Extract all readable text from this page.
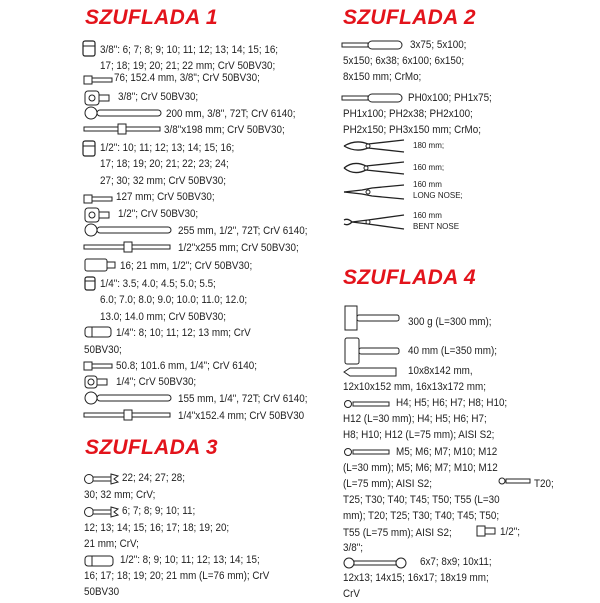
SZUFLADA 1
3/8": 6; 7; 8; 9; 10; 11; 12; 13; 14; 15; 16;
17; 18; 19; 20; 21; 22 mm; CrV 50BV30;
76; 152.4 mm, 3/8"; CrV 50BV30;
3/8"; CrV 50BV30;
200 mm, 3/8", 72T; CrV 6140;
3/8"x198 mm; CrV 50BV30;
1/2": 10; 11; 12; 13; 14; 15; 16;
17; 18; 19; 20; 21; 22; 23; 24;
27; 30; 32 mm; CrV 50BV30;
127 mm; CrV 50BV30;
1/2"; CrV 50BV30;
255 mm, 1/2", 72T; CrV 6140;
1/2"x255 mm; CrV 50BV30;
16; 21 mm, 1/2"; CrV 50BV30;
1/4": 3.5; 4.0; 4.5; 5.0; 5.5;
6.0; 7.0; 8.0; 9.0; 10.0; 11.0; 12.0;
13.0; 14.0 mm; CrV 50BV30;
1/4": 8; 10; 11; 12; 13 mm; CrV
50BV30;
50.8; 101.6 mm, 1/4"; CrV 6140;
1/4"; CrV 50BV30;
155 mm, 1/4", 72T; CrV 6140;
1/4"x152.4 mm; CrV 50BV30
SZUFLADA 3
22; 24; 27; 28;
30; 32 mm; CrV;
6; 7; 8; 9; 10; 11;
12; 13; 14; 15; 16; 17; 18; 19; 20;
21 mm; CrV;
1/2": 8; 9; 10; 11; 12; 13; 14; 15;
16; 17; 18; 19; 20; 21 mm (L=76 mm); CrV
50BV30
SZUFLADA 2
3x75; 5x100;
5x150; 6x38; 6x100; 6x150;
8x150 mm; CrMo;
PH0x100; PH1x75;
PH1x100; PH2x38; PH2x100;
PH2x150; PH3x150 mm; CrMo;
180 mm;
160 mm;
160 mm
LONG NOSE;
160 mm
BENT NOSE
SZUFLADA 4
300 g (L=300 mm);
40 mm (L=350 mm);
10x8x142 mm,
12x10x152 mm, 16x13x172 mm;
H4; H5; H6; H7; H8; H10;
H12 (L=30 mm); H4; H5; H6; H7;
H8; H10; H12 (L=75 mm); AISI S2;
M5; M6; M7; M10; M12
(L=30 mm); M5; M6; M7; M10; M12
(L=75 mm); AISI S2;	T20;
T25; T30; T40; T45; T50; T55 (L=30
mm); T20; T25; T30; T40; T45; T50;
T55 (L=75 mm); AISI S2;	1/2";
3/8";
6x7; 8x9; 10x11;
12x13; 14x15; 16x17; 18x19 mm;
CrV
